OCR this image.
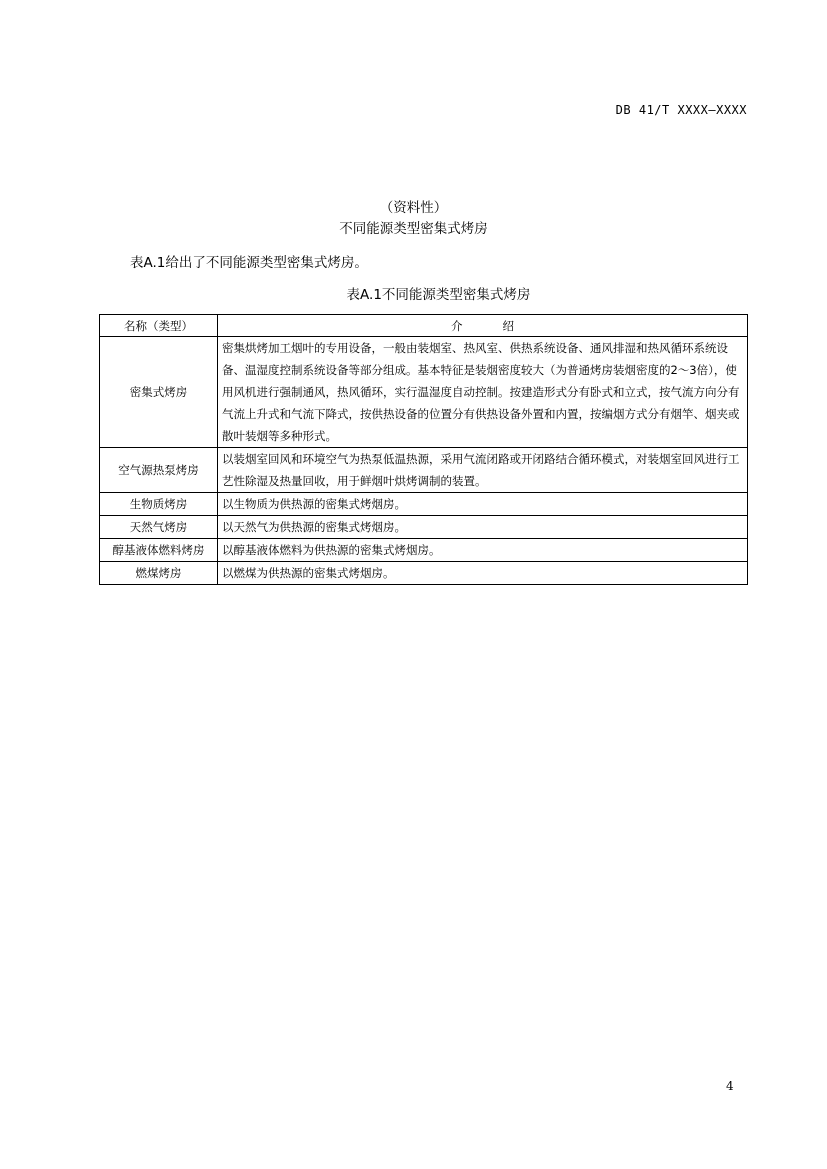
DB 41/T XXXX—XXXX
（资料性）
不同能源类型密集式烤房
表A.1给出了不同能源类型密集式烤房。
表A.1不同能源类型密集式烤房
名称（类型）	介绍
密集式烤房	密集烘烤加工烟叶的专用设备，一般由装烟室、热风室、供热系统设备、通风排湿和热风循环系统设备、温湿度控制系统设备等部分组成。基本特征是装烟密度较大（为普通烤房装烟密度的2～3倍），使用风机进行强制通风，热风循环，实行温湿度自动控制。按建造形式分有卧式和立式，按气流方向分有气流上升式和气流下降式，按供热设备的位置分有供热设备外置和内置，按编烟方式分有烟竿、烟夹或散叶装烟等多种形式。
空气源热泵烤房	以装烟室回风和环境空气为热泵低温热源，采用气流闭路或开闭路结合循环模式，对装烟室回风进行工艺性除湿及热量回收，用于鲜烟叶烘烤调制的装置。
生物质烤房	以生物质为供热源的密集式烤烟房。
天然气烤房	以天然气为供热源的密集式烤烟房。
醇基液体燃料烤房	以醇基液体燃料为供热源的密集式烤烟房。
燃煤烤房	以燃煤为供热源的密集式烤烟房。
4
